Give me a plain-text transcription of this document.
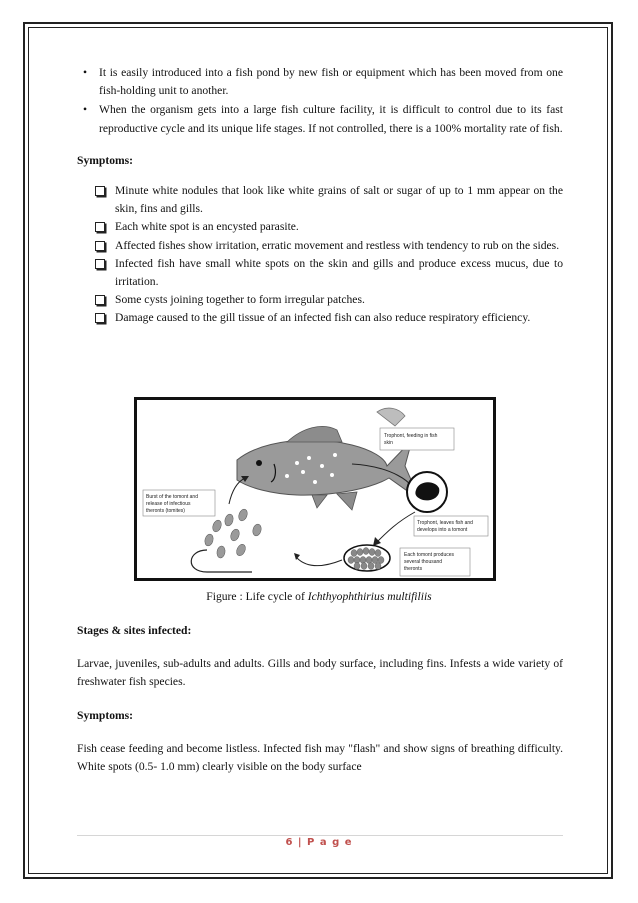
• It is easily introduced into a fish pond by new fish or equipment which has been moved from one fish-holding unit to another.
• When the organism gets into a large fish culture facility, it is difficult to control due to its fast reproductive cycle and its unique life stages. If not controlled, there is a 100% mortality rate of fish.
Symptoms:
Minute white nodules that look like white grains of salt or sugar of up to 1 mm appear on the skin, fins and gills.
Each white spot is an encysted parasite.
Affected fishes show irritation, erratic movement and restless with tendency to rub on the sides.
Infected fish have small white spots on the skin and gills and produce excess mucus, due to irritation.
Some cysts joining together to form irregular patches.
Damage caused to the gill tissue of an infected fish can also reduce respiratory efficiency.
Trophont, feeding in fish
skin
Trophont, leaves fish and
develops into a tomont
Each tomont produces
several thousand
theronts
Burst of the tomont and
release of infectious
theronts (tomites)
Figure : Life cycle of Ichthyophthirius multifiliis

Stages & sites infected:

Larvae, juveniles, sub-adults and adults. Gills and body surface, including fins. Infests a wide variety of freshwater fish species.

Symptoms:

Fish cease feeding and become listless. Infected fish may "flash" and show signs of breathing difficulty. White spots (0.5- 1.0 mm) clearly visible on the body surface

6 | P a g e
